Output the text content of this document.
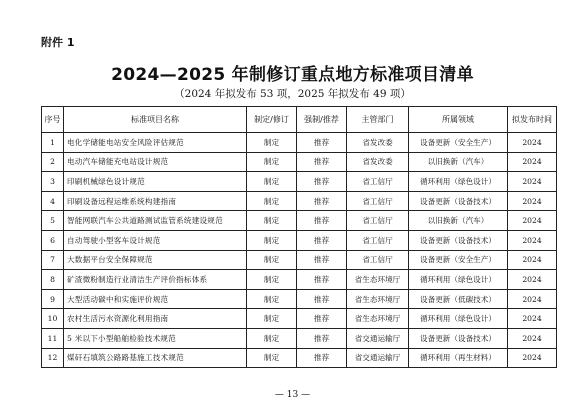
附件 1
2024—2025 年制修订重点地方标准项目清单
（2024 年拟发布 53 项，2025 年拟发布 49 项）
序号	标准项目名称	制定/修订	强制/推荐	主管部门	所属领域	拟发布时间
1	电化学储能电站安全风险评估规范	制定	推荐	省发改委	设备更新（安全生产）	2024
2	电动汽车储能充电站设计规范	制定	推荐	省发改委	以旧换新（汽车）	2024
3	印刷机械绿色设计规范	制定	推荐	省工信厅	循环利用（绿色设计）	2024
4	印刷设备远程运维系统构建指南	制定	推荐	省工信厅	设备更新（设备技术）	2024
5	智能网联汽车公共道路测试监管系统建设规范	制定	推荐	省工信厅	以旧换新（汽车）	2024
6	自动驾驶小型客车设计规范	制定	推荐	省工信厅	设备更新（设备技术）	2024
7	大数据平台安全保障规范	制定	推荐	省工信厅	设备更新（安全生产）	2024
8	矿渣微粉制造行业清洁生产评价指标体系	制定	推荐	省生态环境厅	循环利用（绿色设计）	2024
9	大型活动碳中和实施评价规范	制定	推荐	省生态环境厅	设备更新（低碳技术）	2024
10	农村生活污水资源化利用指南	制定	推荐	省生态环境厅	循环利用（绿色设计）	2024
11	5 米以下小型船舶检验技术规范	制定	推荐	省交通运输厅	设备更新（设备技术）	2024
12	煤矸石填筑公路路基施工技术规范	制定	推荐	省交通运输厅	循环利用（再生材料）	2024
— 13 —
